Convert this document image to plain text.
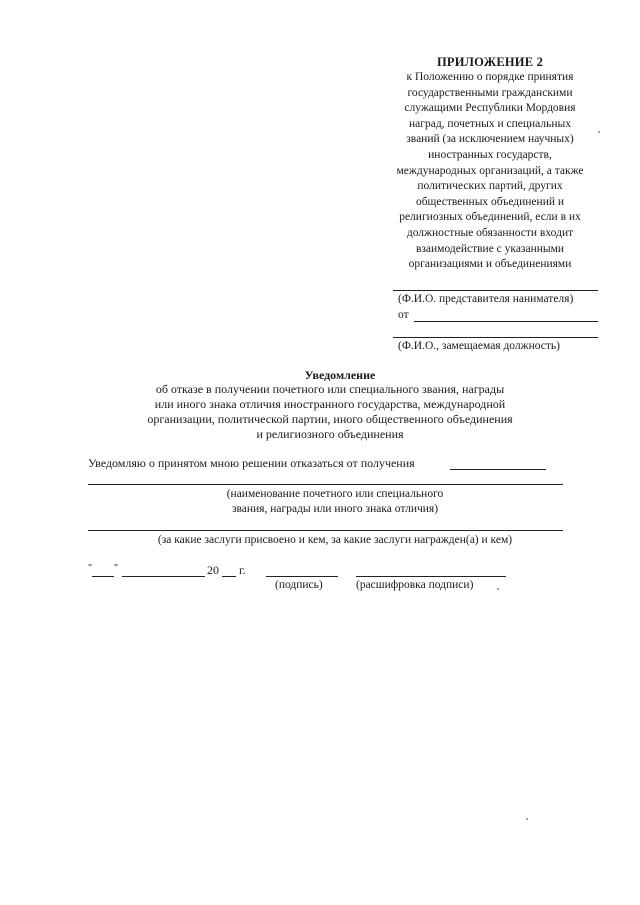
ПРИЛОЖЕНИЕ 2
к Положению о порядке принятия
государственными гражданскими
служащими Республики Мордовия
наград, почетных и специальных
званий (за исключением научных)
иностранных государств,
международных организаций, а также
политических партий, других
общественных объединений и
религиозных объединений, если в их
должностные обязанности входит
взаимодействие с указанными
организациями и объединениями
(Ф.И.О. представителя нанимателя)
от
(Ф.И.О., замещаемая должность)
Уведомление
об отказе в получении почетного или специального звания, награды
или иного знака отличия иностранного государства, международной
организации, политической партии, иного общественного объединения
и религиозного объединения
Уведомляю о принятом мною решении отказаться от получения
(наименование почетного или специального
звания, награды или иного знака отличия)
(за какие заслуги присвоено и кем, за какие заслуги награжден(а) и кем)
" "	20 г.
(подпись)	(расшифровка подписи)
